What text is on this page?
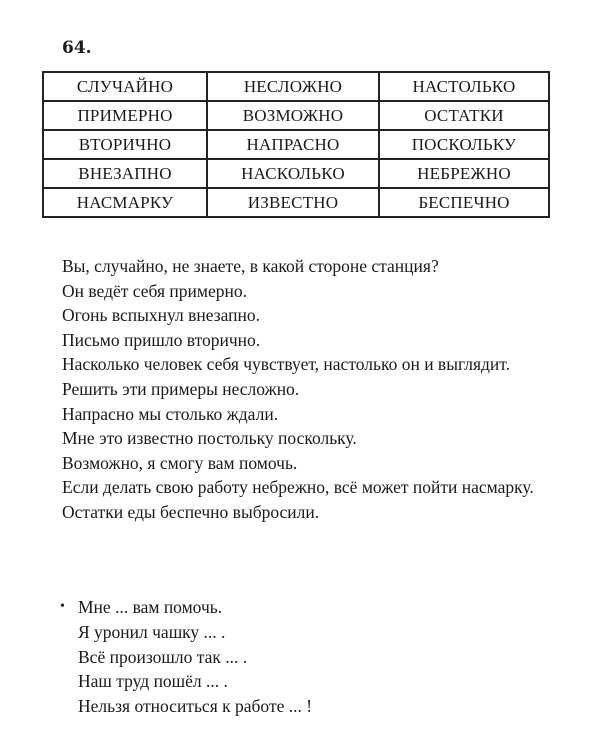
64.
СЛУЧАЙНО	НЕСЛОЖНО	НАСТОЛЬКО
ПРИМЕРНО	ВОЗМОЖНО	ОСТАТКИ
ВТОРИЧНО	НАПРАСНО	ПОСКОЛЬКУ
ВНЕЗАПНО	НАСКОЛЬКО	НЕБРЕЖНО
НАСМАРКУ	ИЗВЕСТНО	БЕСПЕЧНО

Вы, случайно, не знаете, в какой стороне станция?

Он ведёт себя примерно.

Огонь вспыхнул внезапно.

Письмо пришло вторично.

Насколько человек себя чувствует, настолько он и выглядит.

Решить эти примеры несложно.

Напрасно мы столько ждали.

Мне это известно постольку поскольку.

Возможно, я смогу вам помочь.

Если делать свою работу небрежно, всё может пойти насмарку.

Остатки еды беспечно выбросили.

• Мне ... вам помочь.

Я уронил чашку ... .

Всё произошло так ... .

Наш труд пошёл ... .

Нельзя относиться к работе ... !
